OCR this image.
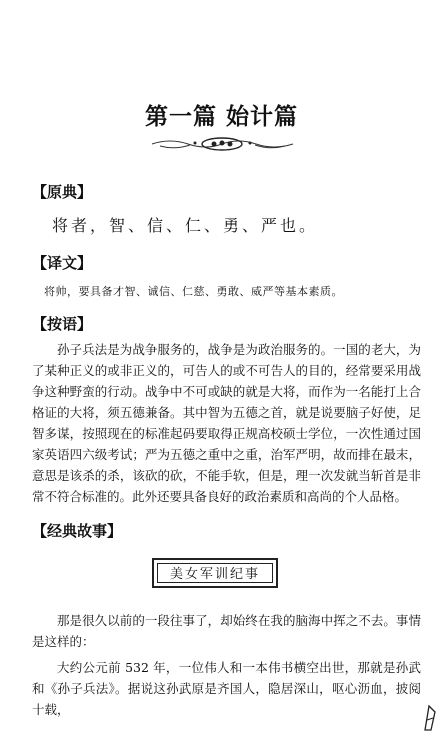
第一篇 始计篇
【原典】
将者，智、信、仁、勇、严也。
【译文】
将帅，要具备才智、诚信、仁慈、勇敢、威严等基本素质。
【按语】
孙子兵法是为战争服务的，战争是为政治服务的。一国的老大，为了某种正义的或非正义的，可告人的或不可告人的目的，经常要采用战争这种野蛮的行动。战争中不可或缺的就是大将，而作为一名能打上合格证的大将，须五德兼备。其中智为五德之首，就是说要脑子好使，足智多谋，按照现在的标准起码要取得正规高校硕士学位，一次性通过国家英语四六级考试；严为五德之重中之重，治军严明，故而排在最末，意思是该杀的杀，该砍的砍，不能手软，但是，理一次发就当斩首是非常不符合标准的。此外还要具备良好的政治素质和高尚的个人品格。
【经典故事】
美女军训纪事
那是很久以前的一段往事了，却始终在我的脑海中挥之不去。事情是这样的：
大约公元前 532 年，一位伟人和一本伟书横空出世，那就是孙武和《孙子兵法》。据说这孙武原是齐国人，隐居深山，呕心沥血，披阅十载，
